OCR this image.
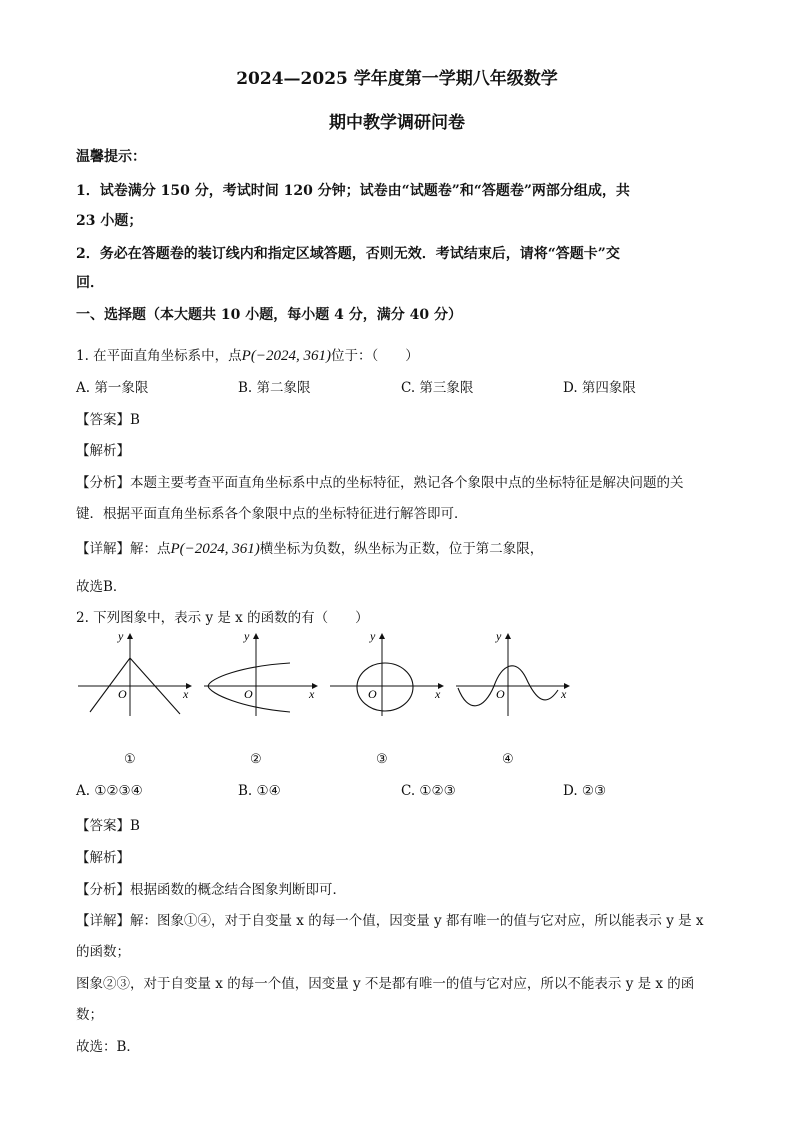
2024—2025 学年度第一学期八年级数学
期中教学调研问卷
温馨提示：
1．试卷满分 150 分，考试时间 120 分钟；试卷由“试题卷”和“答题卷”两部分组成，共
23 小题；
2．务必在答题卷的装订线内和指定区域答题，否则无效．考试结束后，请将“答题卡”交
回．
一、选择题（本大题共 10 小题，每小题 4 分，满分 40 分）
1. 在平面直角坐标系中，点P(−2024, 361)位于：（　　）
A. 第一象限	B. 第二象限	C. 第三象限	D. 第四象限
【答案】B
【解析】
【分析】本题主要考查平面直角坐标系中点的坐标特征，熟记各个象限中点的坐标特征是解决问题的关
键．根据平面直角坐标系各个象限中点的坐标特征进行解答即可．
【详解】解：点P(−2024, 361)横坐标为负数，纵坐标为正数，位于第二象限，
故选B．
2. 下列图象中，表示 y 是 x 的函数的有（　　）
y
x
O
y
x
O	O
y
x
y
x
O
①	②	③	④
A. ①②③④	B. ①④	C. ①②③	D. ②③
【答案】B
【解析】
【分析】根据函数的概念结合图象判断即可．
【详解】解：图象①④，对于自变量 x 的每一个值，因变量 y 都有唯一的值与它对应，所以能表示 y 是 x
的函数；
图象②③，对于自变量 x 的每一个值，因变量 y 不是都有唯一的值与它对应，所以不能表示 y 是 x 的函
数；
故选：B．
